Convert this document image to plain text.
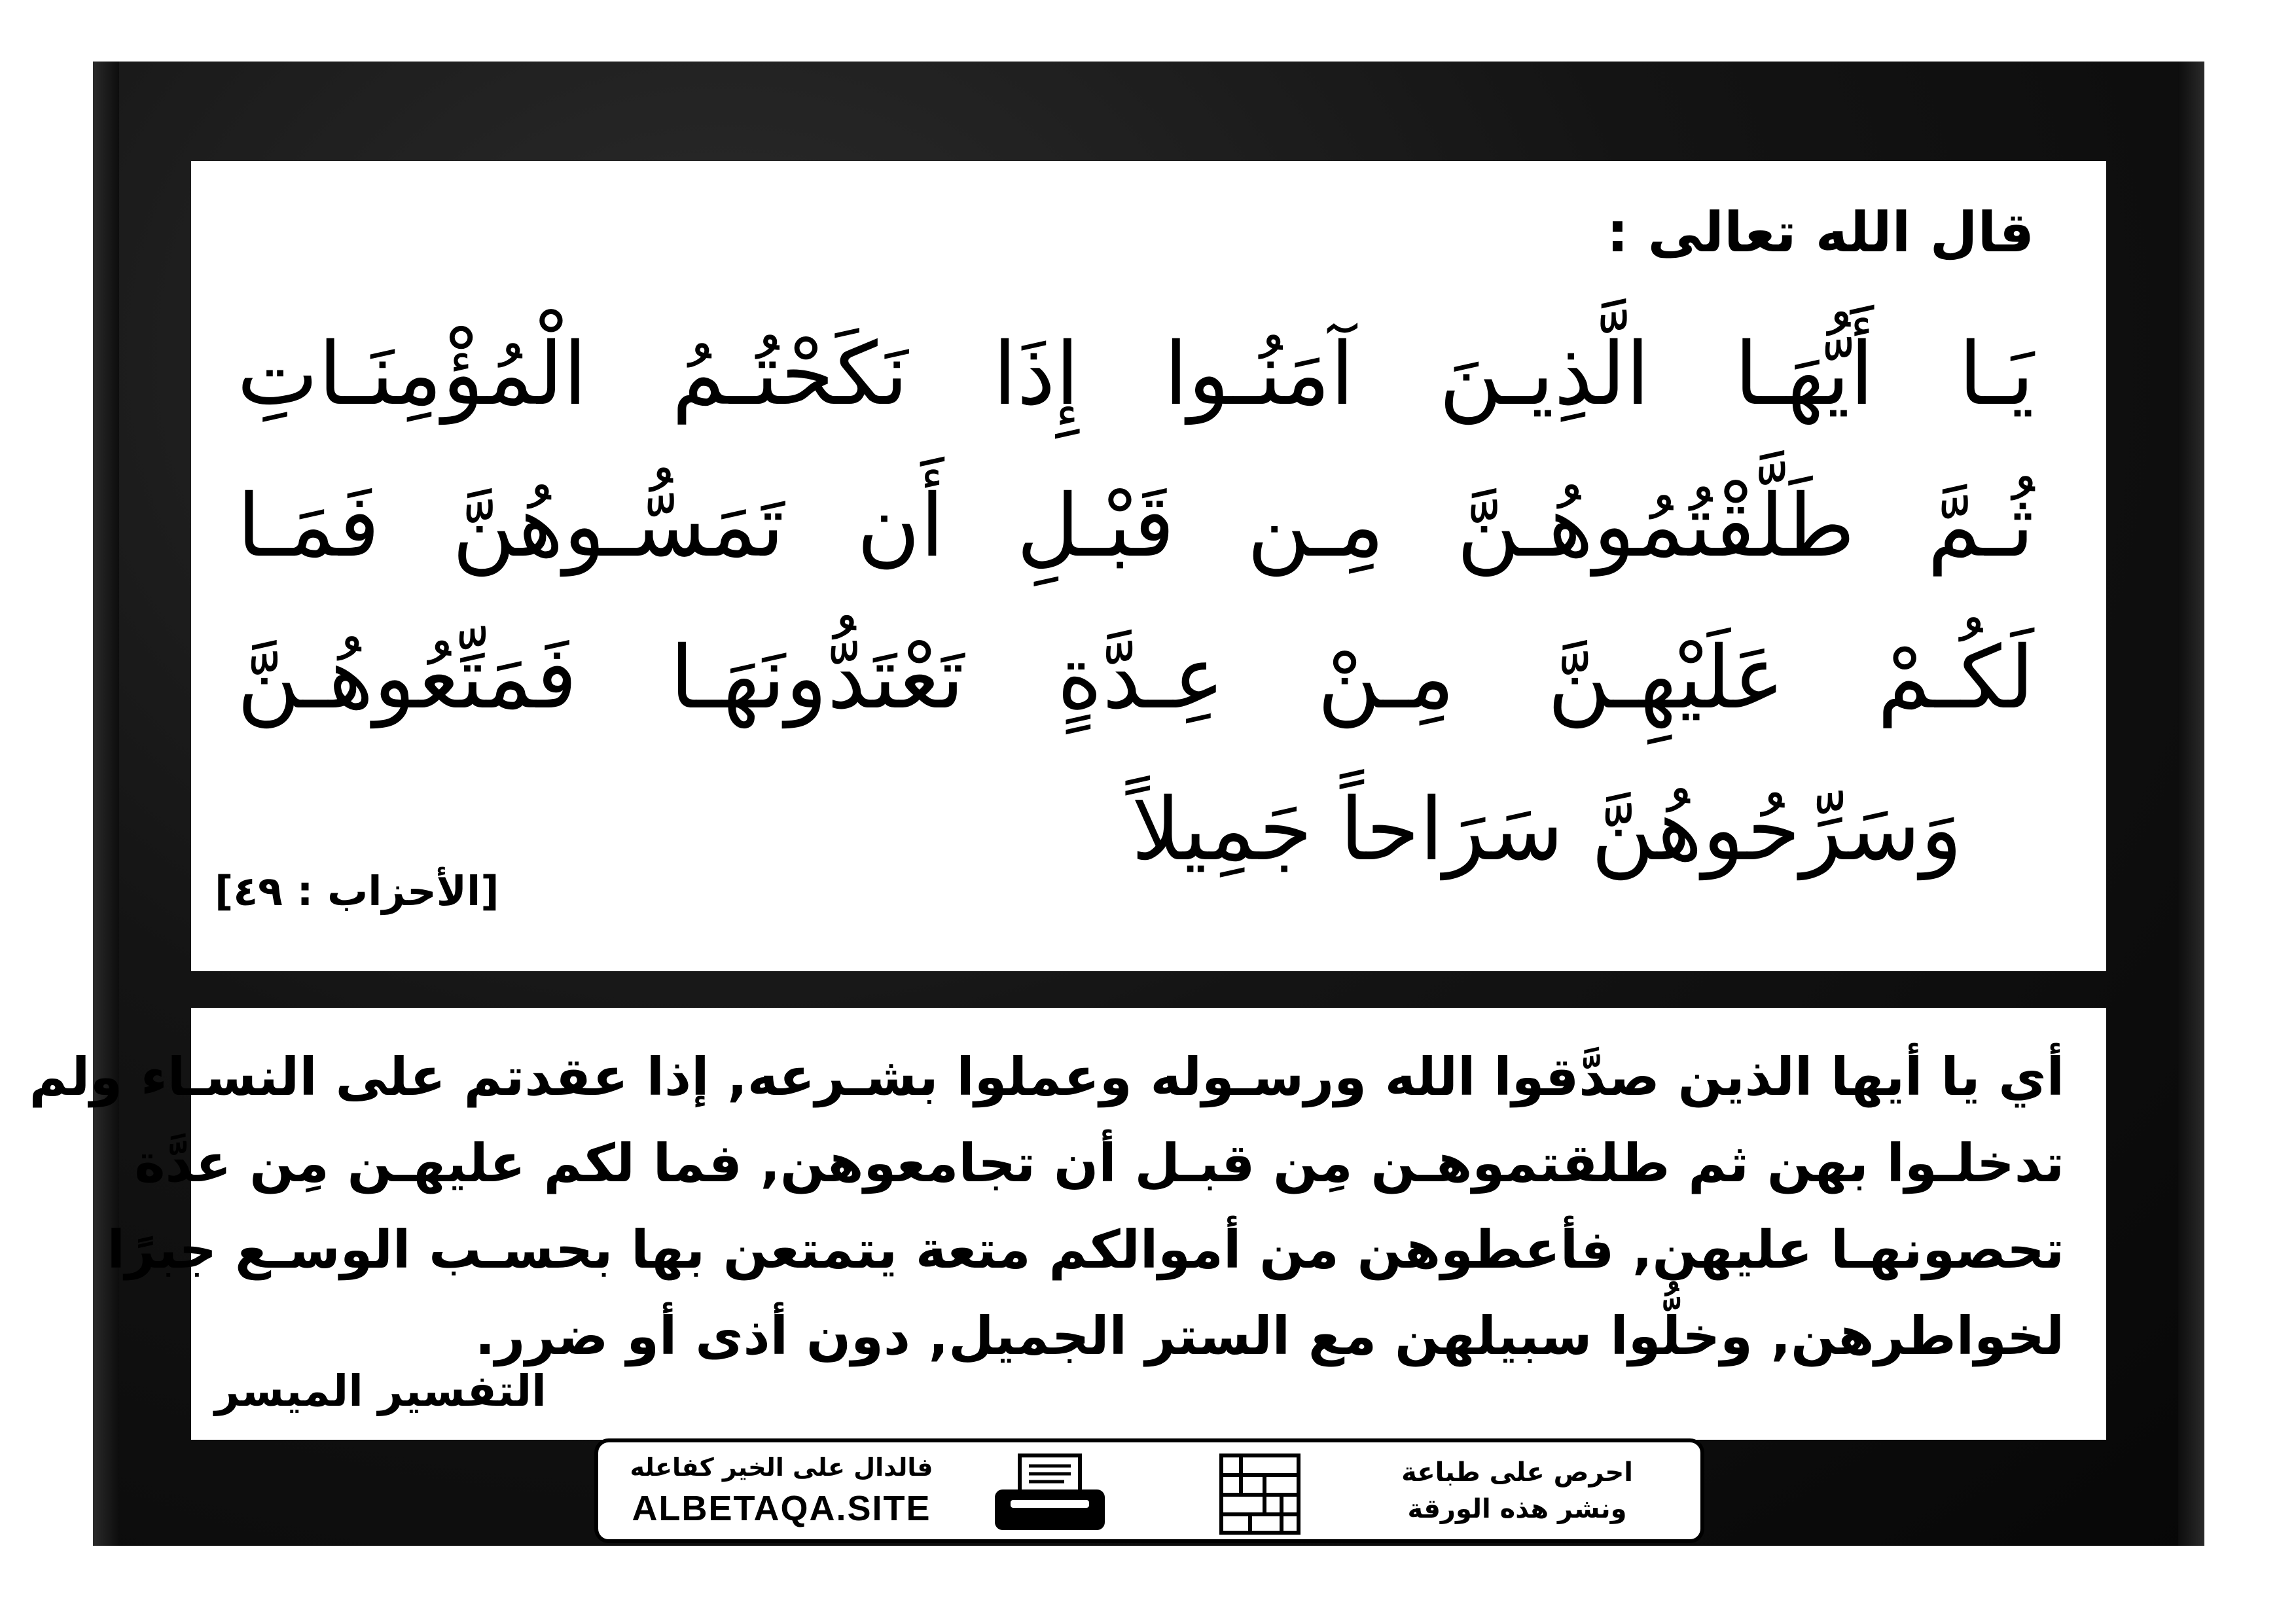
قال الله تعالى :
يَـا أَيُّهَـا الَّذِيـنَ آمَنُـوا إِذَا نَكَحْتُـمُ الْمُؤْمِنَـاتِ
ثُـمَّ طَلَّقْتُمُوهُـنَّ مِـن قَبْـلِ أَن تَمَسُّـوهُنَّ فَمَـا
لَكُـمْ عَلَيْهِـنَّ مِـنْ عِـدَّةٍ تَعْتَدُّونَهَـا فَمَتِّعُوهُـنَّ
وَسَرِّحُوهُنَّ سَرَاحاً جَمِيلاً
[الأحزاب : ٤٩]
أي يا أيها الذين صدَّقوا الله ورسـوله وعملوا بشـرعه, إذا عقدتم على النسـاء ولم
تدخلـوا بهن ثم طلقتموهـن مِن قبـل أن تجامعوهن, فما لكم عليهـن مِن عدَّة
تحصونهـا عليهن, فأعطوهن من أموالكم متعة يتمتعن بها بحسـب الوسـع جبرًا
لخواطرهن, وخلُّوا سبيلهن مع الستر الجميل, دون أذى أو ضرر.
التفسير الميسر
فالدال على الخير كفاعله
ALBETAQA.SITE
احرص على طباعة
ونشر هذه الورقة
